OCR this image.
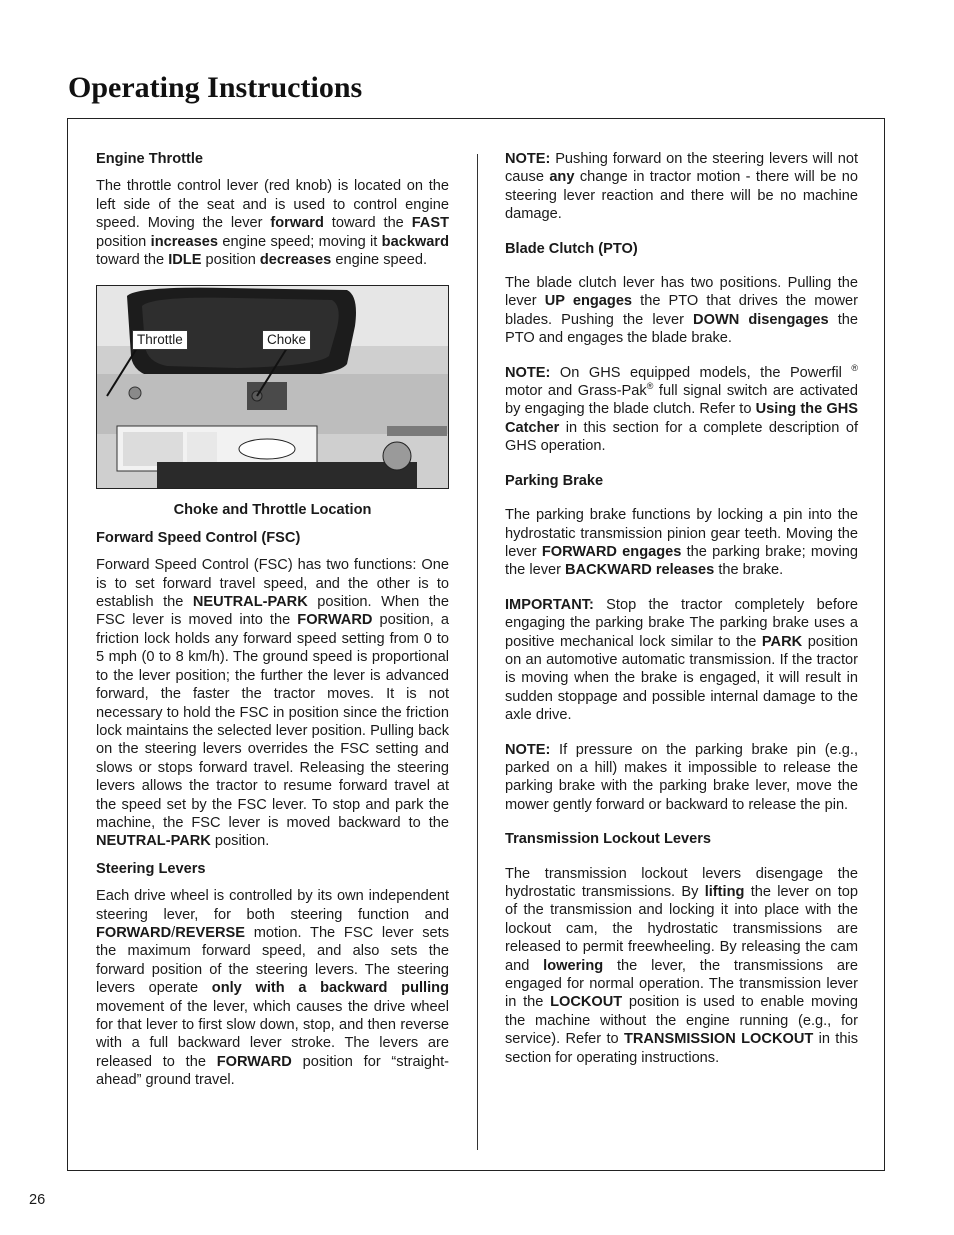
Operating Instructions
Engine Throttle

The throttle control lever (red knob) is located on the left side of the seat and is used to control engine speed. Moving the lever forward toward the FAST position increases engine speed; moving it backward toward the IDLE position decreases engine speed.

Throttle	Choke

Choke and Throttle Location

Forward Speed Control (FSC)

Forward Speed Control (FSC) has two functions: One is to set forward travel speed, and the other is to establish the NEUTRAL-PARK position. When the FSC lever is moved into the FORWARD position, a friction lock holds any forward speed setting from 0 to 5 mph (0 to 8 km/h). The ground speed is proportional to the lever position; the further the lever is advanced forward, the faster the tractor moves. It is not necessary to hold the FSC in position since the friction lock maintains the selected lever position. Pulling back on the steering levers overrides the FSC setting and slows or stops forward travel. Releasing the steering levers allows the tractor to resume forward travel at the speed set by the FSC lever. To stop and park the machine, the FSC lever is moved backward to the NEUTRAL-PARK position.

Steering Levers

Each drive wheel is controlled by its own independent steering lever, for both steering function and FORWARD/REVERSE motion. The FSC lever sets the maximum forward speed, and also sets the forward position of the steering levers. The steering levers operate only with a backward pulling movement of the lever, which causes the drive wheel for that lever to first slow down, stop, and then reverse with a full backward lever stroke. The levers are released to the FORWARD position for “straight-ahead” ground travel.

NOTE: Pushing forward on the steering levers will not cause any change in tractor motion - there will be no steering lever reaction and there will be no machine damage.

Blade Clutch (PTO)

The blade clutch lever has two positions. Pulling the lever UP engages the PTO that drives the mower blades. Pushing the lever DOWN disengages the PTO and engages the blade brake.

NOTE: On GHS equipped models, the Powerfil ® motor and Grass-Pak® full signal switch are activated by engaging the blade clutch. Refer to Using the GHS Catcher in this section for a complete description of GHS operation.

Parking Brake

The parking brake functions by locking a pin into the hydrostatic transmission pinion gear teeth. Moving the lever FORWARD engages the parking brake; moving the lever BACKWARD releases the brake.

IMPORTANT: Stop the tractor completely before engaging the parking brake The parking brake uses a positive mechanical lock similar to the PARK position on an automotive automatic transmission. If the tractor is moving when the brake is engaged, it will result in sudden stoppage and possible internal damage to the axle drive.

NOTE: If pressure on the parking brake pin (e.g., parked on a hill) makes it impossible to release the parking brake with the parking brake lever, move the mower gently forward or backward to release the pin.

Transmission Lockout Levers

The transmission lockout levers disengage the hydrostatic transmissions. By lifting the lever on top of the transmission and locking it into place with the lockout cam, the hydrostatic transmissions are released to permit freewheeling. By releasing the cam and lowering the lever, the transmissions are engaged for normal operation. The transmission lever in the LOCKOUT position is used to enable moving the machine without the engine running (e.g., for service). Refer to TRANSMISSION LOCKOUT in this section for operating instructions.

26
